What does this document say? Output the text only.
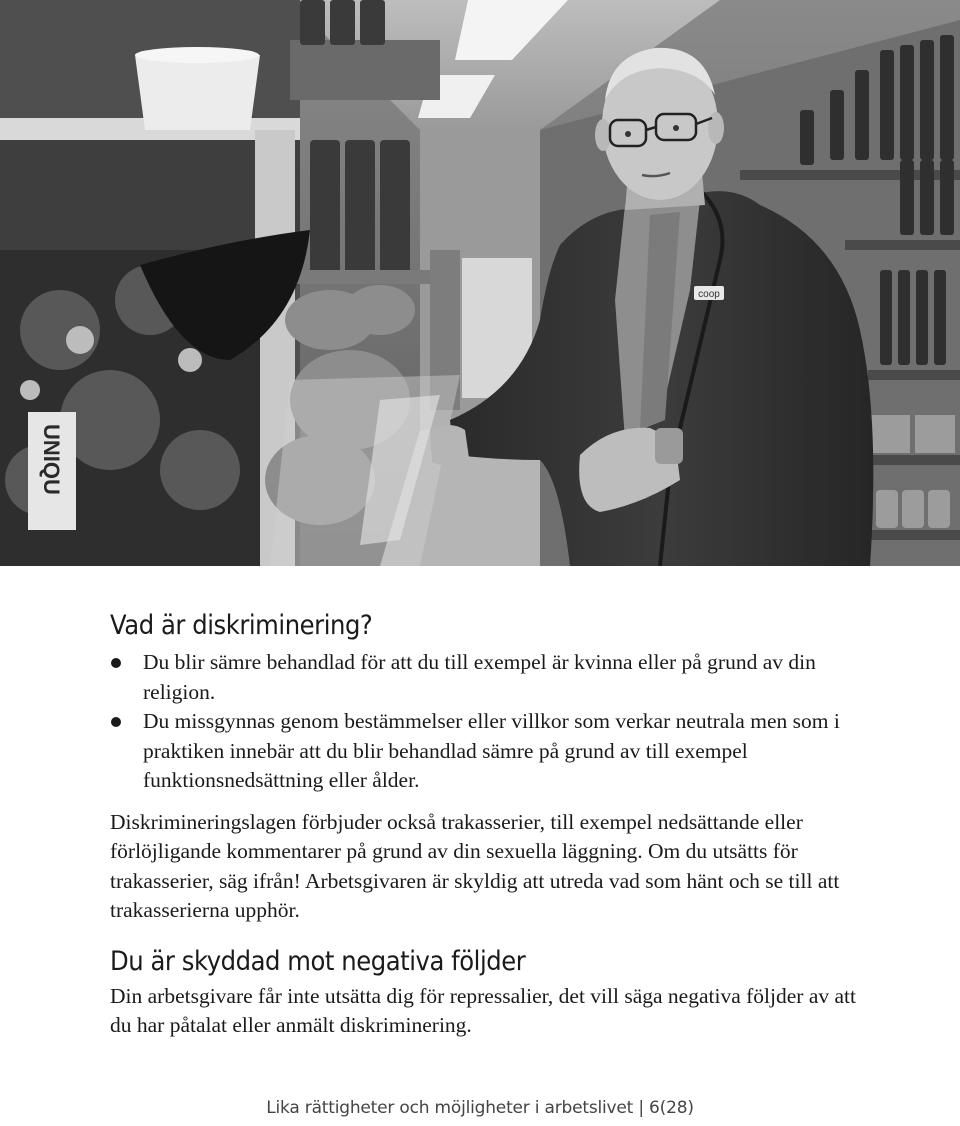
UNIQU
coop
Vad är diskriminering?
Du blir sämre behandlad för att du till exempel är kvinna eller på grund av din religion.
Du missgynnas genom bestämmelser eller villkor som verkar neutrala men som i praktiken innebär att du blir behandlad sämre på grund av till exempel funktionsnedsättning eller ålder.

Diskrimineringslagen förbjuder också trakasserier, till exempel nedsättande eller förlöjligande kommentarer på grund av din sexuella läggning. Om du utsätts för trakasserier, säg ifrån! Arbetsgivaren är skyldig att utreda vad som hänt och se till att trakasserierna upphör.

Du är skyddad mot negativa följder

Din arbetsgivare får inte utsätta dig för repressalier, det vill säga negativa följder av att du har påtalat eller anmält diskriminering.

Lika rättigheter och möjligheter i arbetslivet | 6(28)
